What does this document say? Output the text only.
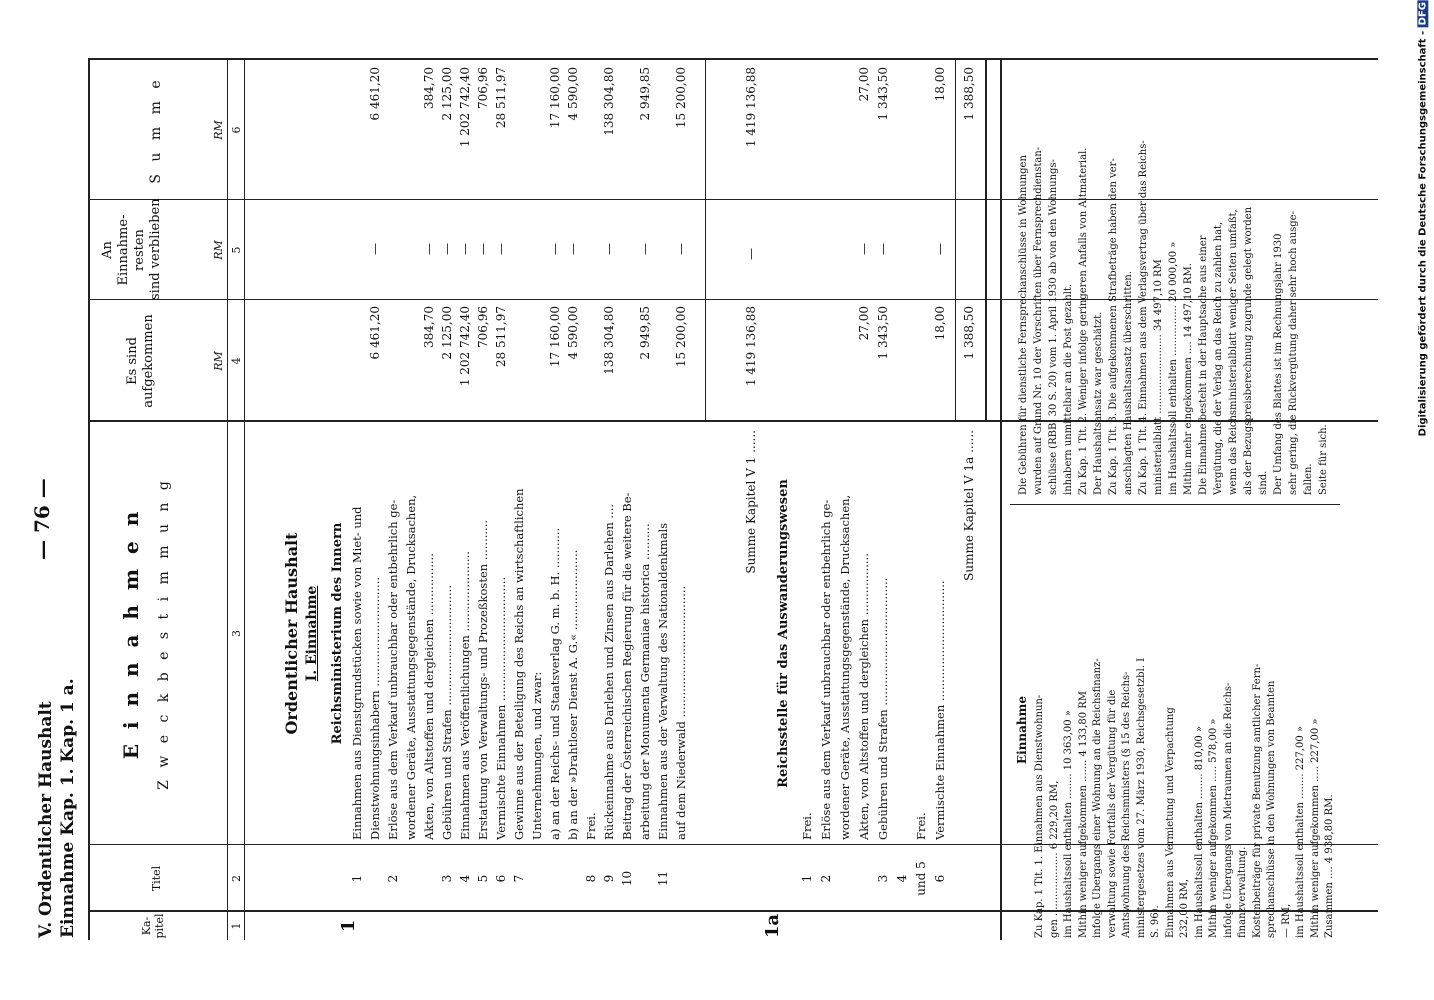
V. Ordentlicher Haushalt Einnahme Kap. 1. Kap. 1 a.
— 76 —
Ka-
pitel
Titel
E i n n a h m e n Z w e c k b e s t i m m u n g
Es sind
aufgekommen
An
Einnahme-
resten
sind verblieben
S u m m e
RM
RM
RM
1
2
3
4
5
6
Ordentlicher Haushalt I. Einnahme Reichsministerium des Innern
1
1
Einnahmen aus Dienstgrundstücken sowie von Miet- und Dienstwohnungsinhabern ..............................
6 461,20
6 461,20
—
2
Erlöse aus dem Verkauf unbrauchbar oder entbehrlich ge- wordener Geräte, Ausstattungsgegenstände, Drucksachen, Akten, von Altstoffen und dergleichen .................
384,70
384,70
—
3
Gebühren und Strafen .................................
2 125,00
2 125,00
—
4
Einnahmen aus Veröffentlichungen ......................
1 202 742,40
1 202 742,40
—
5
Erstattung von Verwaltungs- und Prozeßkosten ...........
706,96
706,96
—
6
Vermischte Einnahmen ..................................
28 511,97
28 511,97
—
7
Gewinne aus der Beteiligung des Reichs an wirtschaftlichen Unternehmungen, und zwar: a) an der Reichs- und Staatsverlag G. m. b. H. ...........
17 160,00
17 160,00
—
b) an der »Drahtloser Dienst A. G.« ......................
4 590,00
4 590,00
—
8
Frei.
9
Rückeinnahme aus Darlehen und Zinsen aus Darlehen ....
138 304,80
138 304,80
—
10
Beitrag der Österreichischen Regierung für die weitere Be- arbeitung der Monumenta Germaniae historica ..........
2 949,85
2 949,85
—
11
Einnahmen aus der Verwaltung des Nationaldenkmals auf dem Niederwald ....................................
15 200,00
15 200,00
—
Summe Kapitel V 1 ......
1 419 136,88
1 419 136,88
—
Reichsstelle für das Auswanderungswesen
1a
1
Frei.
2
Erlöse aus dem Verkauf unbrauchbar oder entbehrlich ge- wordener Geräte, Ausstattungsgegenstände, Drucksachen, Akten, von Altstoffen und dergleichen .................
27,00
27,00
—
3
Gebühren und Strafen ...................................
1 343,50
1 343,50
—
4 und 5
Frei.
6
Vermischte Einnahmen .................................
18,00
18,00
—
Summe Kapitel V 1a ......
1 388,50
1 388,50
Einnahme Zu Kap. 1 Tit. 1. Einnahmen aus Dienstwohnun- gen .................... 6 229,20 RM, im Haushaltssoll enthalten ........ 10 363,00 » Mithin weniger aufgekommen ....... 4 133,80 RM infolge Übergangs einer Wohnung an die Reichsfinanz- verwaltung sowie Fortfalls der Vergütung für die Amtswohnung des Reichsministers (§ 15 des Reichs- ministergesetzes vom 27. März 1930, Reichsgesetzbl. I S. 96). Einnahmen aus Vermietung und Verpachtung 232,00 RM, im Haushaltssoll enthalten ........ 810,00 » Mithin weniger aufgekommen ..... 578,00 » infolge Übergangs von Mietraumen an die Reichs- finanzverwaltung. Kostenbeiträge für private Benutzung amtlicher Fern- sprechanschlüsse in den Wohnungen von Beamten — RM, im Haushaltssoll enthalten ........ 227,00 » Mithin weniger aufgekommen ..... 227,00 » Zusammen .... 4 938,80 RM.
Die Gebühren für dienstliche Fernsprechanschlüsse in Wohnungen wurden auf Grund Nr. 10 der Vorschriften über Fernsprechdienstan- schlüsse (RBB. 30 S. 20) vom 1. April 1930 ab von den Wohnungs- inhabern unmittelbar an die Post gezahlt. Zu Kap. 1 Tit. 2. Weniger infolge geringeren Anfalls von Altmaterial. Der Haushaltsansatz war geschätzt. Zu Kap. 1 Tit. 3. Die aufgekommenen Strafbeträge haben den ver- anschlagten Haushaltsansatz überschritten. Zu Kap. 1 Tit. 4. Einnahmen aus dem Verlagsvertrag über das Reichs- ministerialblatt ......................... 34 497,10 RM im Haushaltssoll enthalten ................ 20 000,00 » Mithin mehr eingekommen .... 14 497,10 RM. Die Einnahme besteht in der Hauptsache aus einer Vergütung, die der Verlag an das Reich zu zahlen hat, wenn das Reichsministerialblatt weniger Seiten umfaßt, als der Bezugspreisberechnung zugrunde gelegt worden sind. Der Umfang des Blattes ist im Rechnungsjahr 1930 sehr gering, die Rückvergütung daher sehr hoch ausge- fallen. Seite für sich.
Digitalisierung gefördert durch die Deutsche Forschungsgemeinschaft - DFG
